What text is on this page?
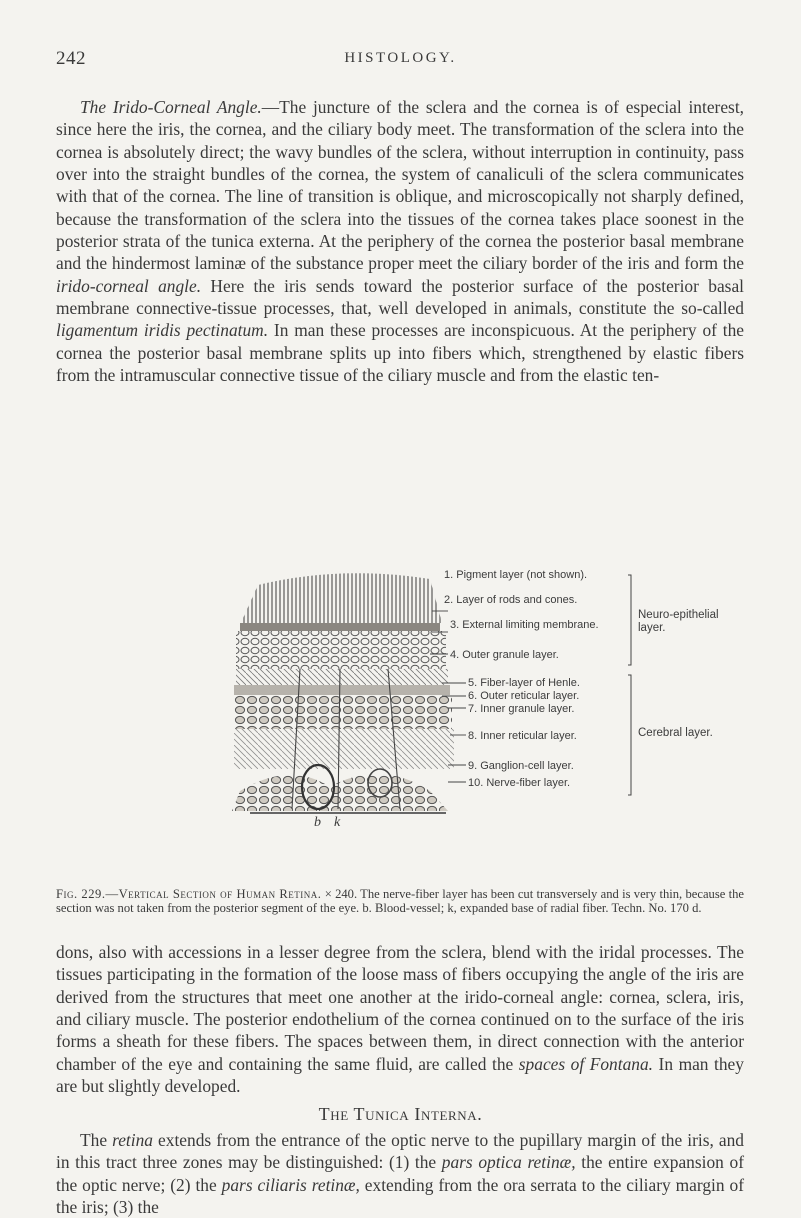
242	HISTOLOGY.
The Irido-Corneal Angle.—The juncture of the sclera and the cornea is of especial interest, since here the iris, the cornea, and the ciliary body meet. The transformation of the sclera into the cornea is absolutely direct; the wavy bundles of the sclera, without interruption in continuity, pass over into the straight bundles of the cornea, the system of canaliculi of the sclera communicates with that of the cornea. The line of transition is oblique, and microscopically not sharply defined, because the transformation of the sclera into the tissues of the cornea takes place soonest in the posterior strata of the tunica externa. At the periphery of the cornea the posterior basal membrane and the hindermost laminæ of the substance proper meet the ciliary border of the iris and form the irido-corneal angle. Here the iris sends toward the posterior surface of the posterior basal membrane connective-tissue processes, that, well developed in animals, constitute the so-called ligamentum iridis pectinatum. In man these processes are inconspicuous. At the periphery of the cornea the posterior basal membrane splits up into fibers which, strengthened by elastic fibers from the intramuscular connective tissue of the ciliary muscle and from the elastic ten-
1. Pigment layer (not shown).
2. Layer of rods and cones.
3. External limiting membrane.
4. Outer granule layer.
5. Fiber-layer of Henle.
6. Outer reticular layer.
7. Inner granule layer.
8. Inner reticular layer.
9. Ganglion-cell layer.
10. Nerve-fiber layer.
Neuro-epithelial layer.
Cerebral layer.
b k
Fig. 229.—Vertical Section of Human Retina. × 240. The nerve-fiber layer has been cut transversely and is very thin, because the section was not taken from the posterior segment of the eye. b. Blood-vessel; k, expanded base of radial fiber. Techn. No. 170 d.
dons, also with accessions in a lesser degree from the sclera, blend with the iridal processes. The tissues participating in the formation of the loose mass of fibers occupying the angle of the iris are derived from the structures that meet one another at the irido-corneal angle: cornea, sclera, iris, and ciliary muscle. The posterior endothelium of the cornea continued on to the surface of the iris forms a sheath for these fibers. The spaces between them, in direct connection with the anterior chamber of the eye and containing the same fluid, are called the spaces of Fontana. In man they are but slightly developed.
The Tunica Interna.
The retina extends from the entrance of the optic nerve to the pupillary margin of the iris, and in this tract three zones may be distinguished: (1) the pars optica retinæ, the entire expansion of the optic nerve; (2) the pars ciliaris retinæ, extending from the ora serrata to the ciliary margin of the iris; (3) the
